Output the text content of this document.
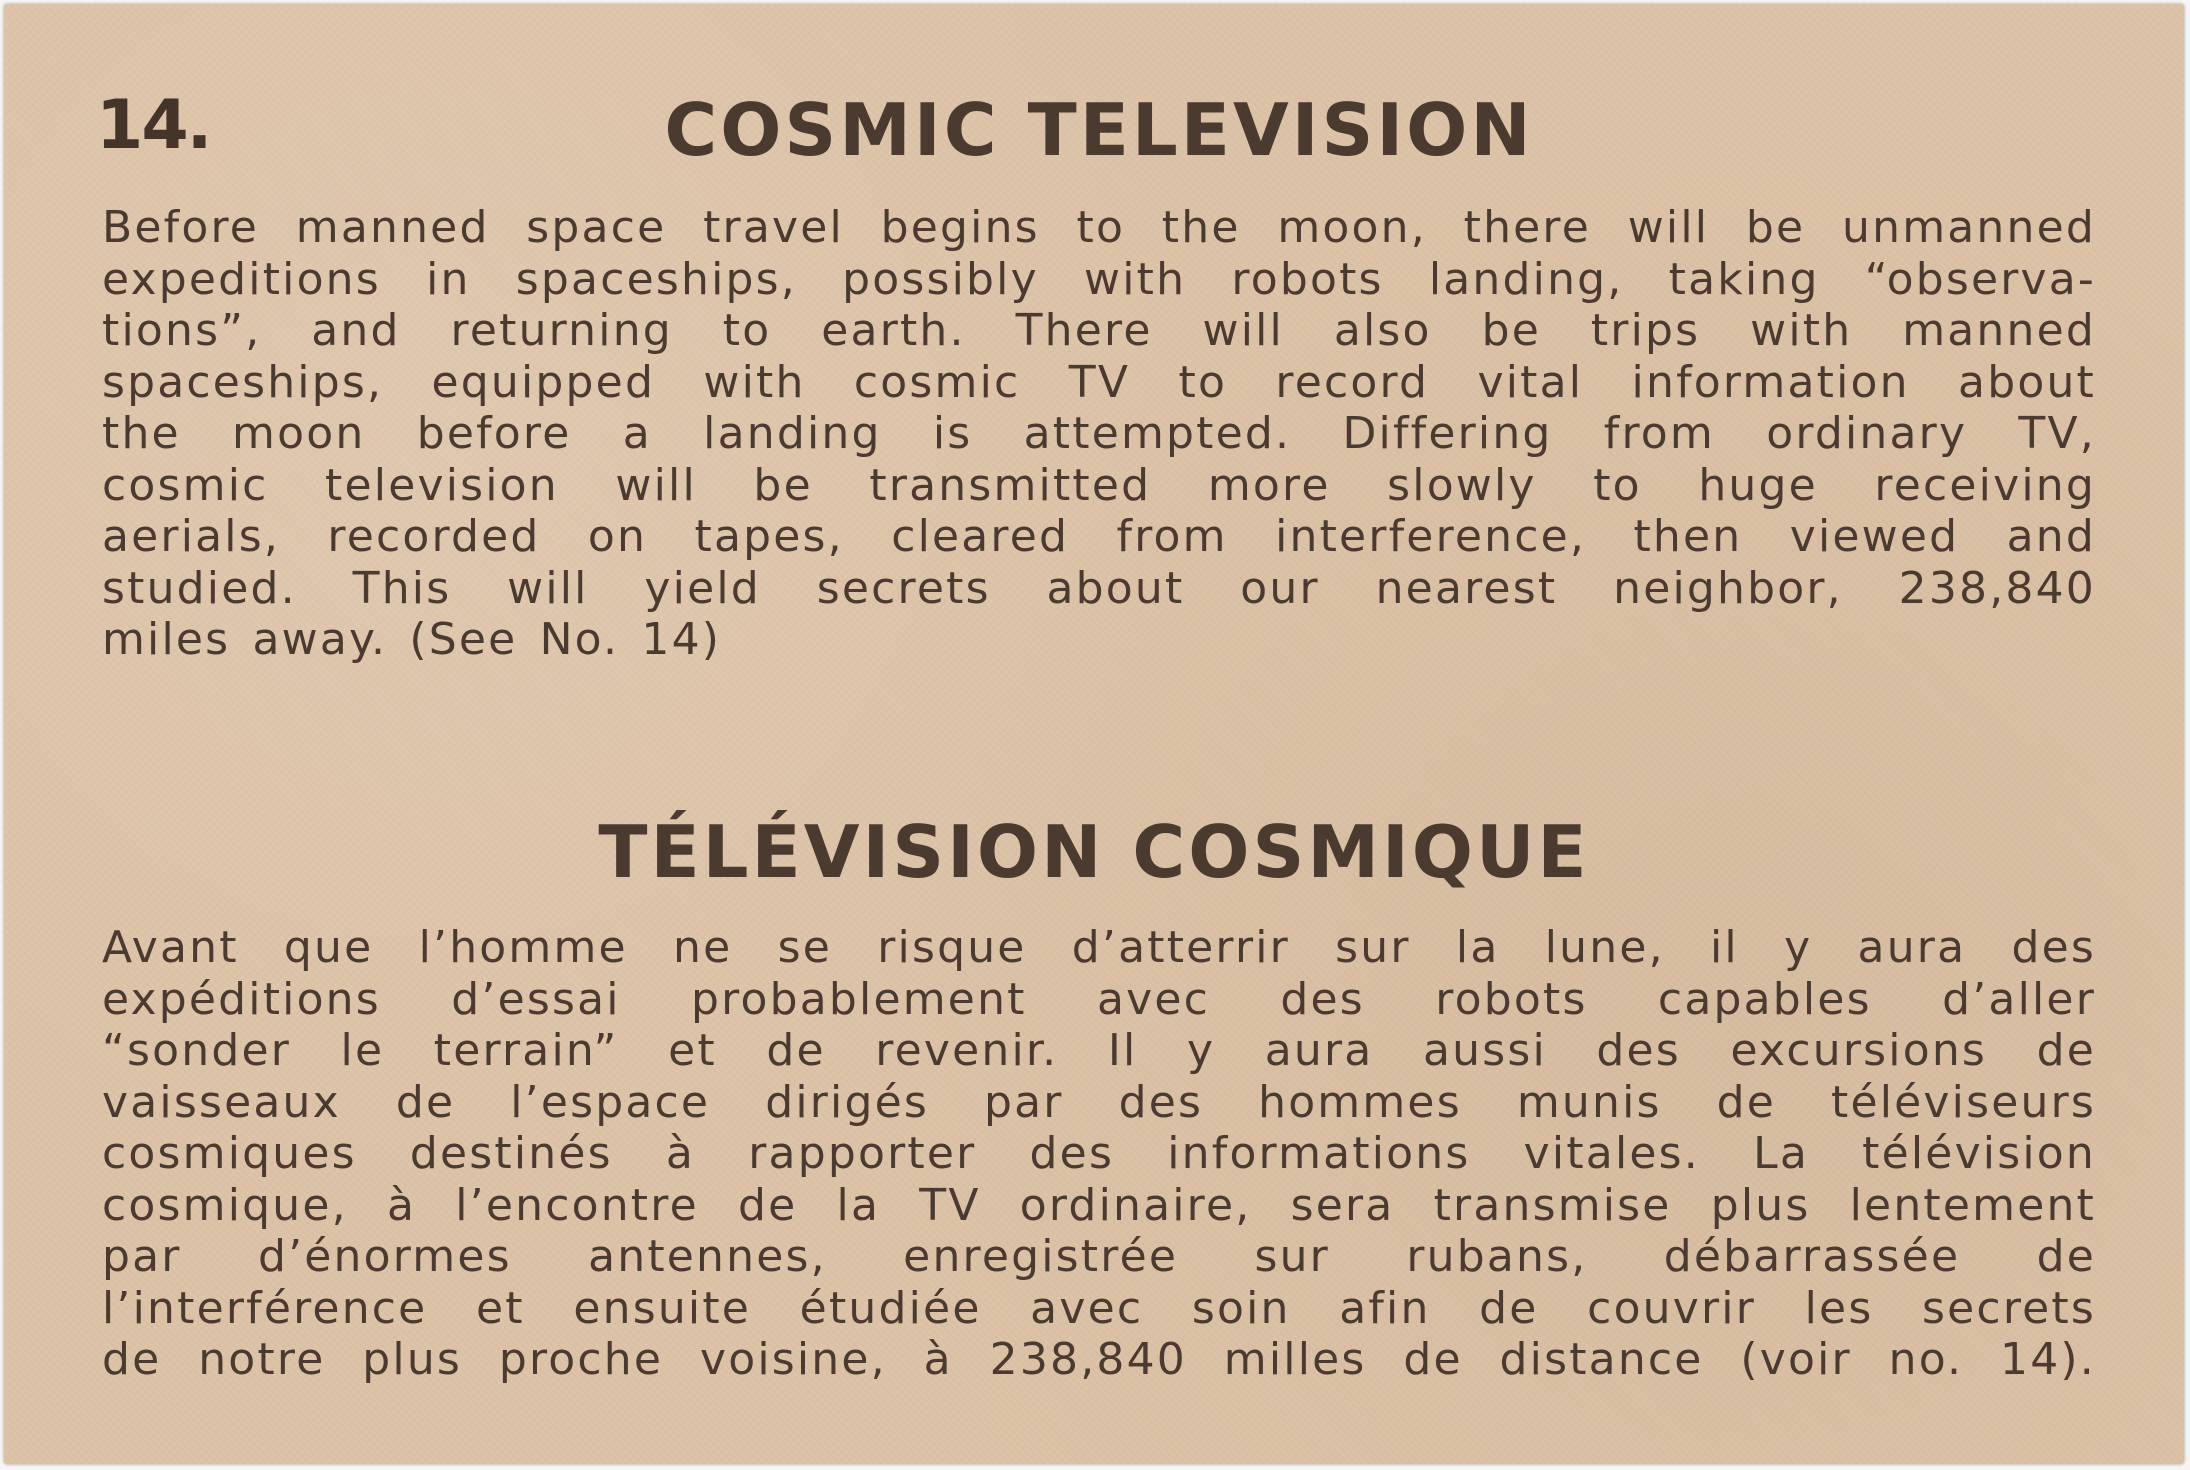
14.	COSMIC TELEVISION
Before manned space travel begins to the moon, there will be unmanned
expeditions in spaceships, possibly with robots landing, taking “observa-
tions”, and returning to earth. There will also be trips with manned
spaceships, equipped with cosmic TV to record vital information about
the moon before a landing is attempted. Differing from ordinary TV,
cosmic television will be transmitted more slowly to huge receiving
aerials, recorded on tapes, cleared from interference, then viewed and
studied. This will yield secrets about our nearest neighbor, 238,840
miles away. (See No. 14)
TÉLÉVISION COSMIQUE
Avant que l’homme ne se risque d’atterrir sur la lune, il y aura des
expéditions d’essai probablement avec des robots capables d’aller
“sonder le terrain” et de revenir. Il y aura aussi des excursions de
vaisseaux de l’espace dirigés par des hommes munis de téléviseurs
cosmiques destinés à rapporter des informations vitales. La télévision
cosmique, à l’encontre de la TV ordinaire, sera transmise plus lentement
par d’énormes antennes, enregistrée sur rubans, débarrassée de
l’interférence et ensuite étudiée avec soin afin de couvrir les secrets
de notre plus proche voisine, à 238,840 milles de distance (voir no. 14).
